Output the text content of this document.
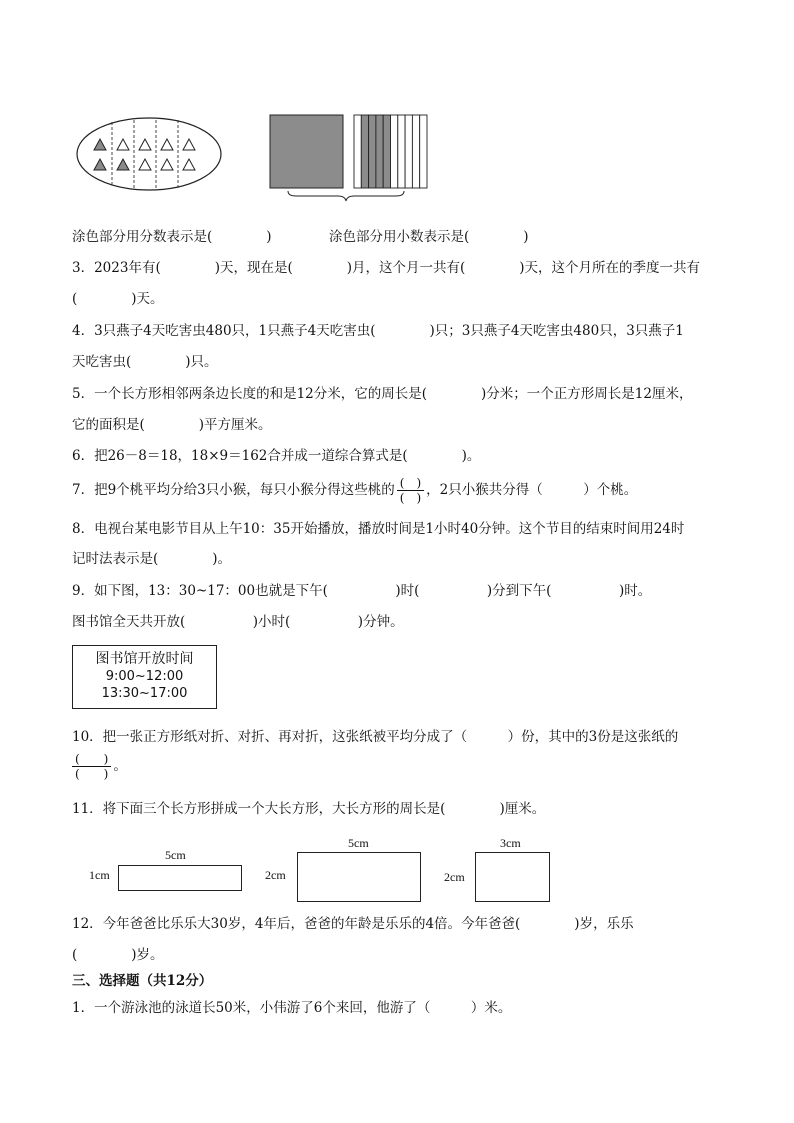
涂色部分用分数表示是(　　　　)	涂色部分用小数表示是(　　　　)
3．2023年有(　　　　)天，现在是(　　　　)月，这个月一共有(　　　　)天，这个月所在的季度一共有
(　　　　)天。
4．3只燕子4天吃害虫480只，1只燕子4天吃害虫(　　　　)只；3只燕子4天吃害虫480只，3只燕子1
天吃害虫(　　　　)只。
5．一个长方形相邻两条边长度的和是12分米，它的周长是(　　　　)分米；一个正方形周长是12厘米，
它的面积是(　　　　)平方厘米。
6．把26－8＝18，18×9＝162合并成一道综合算式是(　　　　)。
7．把9个桃平均分给3只小猴，每只小猴分得这些桃的 $\frac{( )}{( )}$ ，2只小猴共分得（　　　）个桃。
8．电视台某电影节目从上午10：35开始播放，播放时间是1小时40分钟。这个节目的结束时间用24时
记时法表示是(　　　　)。
9．如下图，13：30~17：00也就是下午(　　　　　)时(　　　　　)分到下午(　　　　　)时。
图书馆全天共开放(　　　　　)小时(　　　　　)分钟。
图书馆开放时间
9:00~12:00
13:30~17:00
10．把一张正方形纸对折、对折、再对折，这张纸被平均分成了（　　　）份，其中的3份是这张纸的
$\frac{( )}{( )}$ 。
11．将下面三个长方形拼成一个大长方形，大长方形的周长是(　　　　)厘米。
5cm
1cm
5cm
2cm
3cm
2cm
12．今年爸爸比乐乐大30岁，4年后，爸爸的年龄是乐乐的4倍。今年爸爸(　　　　)岁，乐乐
(　　　　)岁。
三、选择题（共12分）
1．一个游泳池的泳道长50米，小伟游了6个来回，他游了（　　　）米。
